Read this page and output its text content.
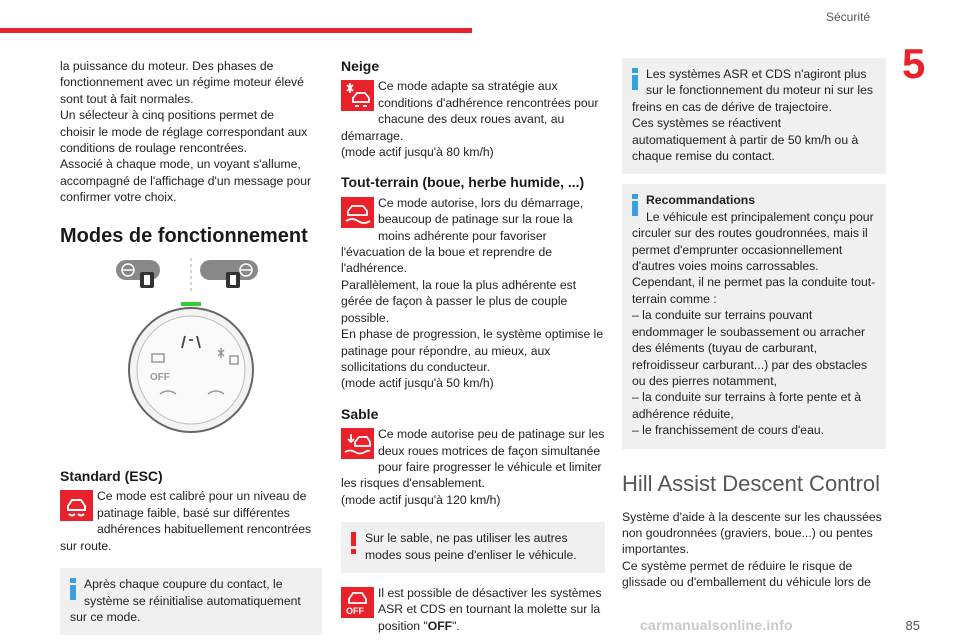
Sécurité
5

la puissance du moteur. Des phases de
fonctionnement avec un régime moteur élevé
sont tout à fait normales.
Un sélecteur à cinq positions permet de
choisir le mode de réglage correspondant aux
conditions de roulage rencontrées.
Associé à chaque mode, un voyant s'allume,
accompagné de l'affichage d'un message pour
confirmer votre choix.

Modes de fonctionnement
OFF
Standard (ESC)

Ce mode est calibré pour un niveau de patinage faible, basé sur différentes adhérences habituellement rencontrées sur route.

Après chaque coupure du contact, le système se réinitialise automatiquement sur ce mode.

Neige

Ce mode adapte sa stratégie aux conditions d'adhérence rencontrées pour chacune des deux roues avant, au démarrage.

(mode actif jusqu'à 80 km/h)

Tout-terrain (boue, herbe humide, ...)

Ce mode autorise, lors du démarrage, beaucoup de patinage sur la roue la moins adhérente pour favoriser l'évacuation de la boue et reprendre de l'adhérence.

Parallèlement, la roue la plus adhérente est gérée de façon à passer le plus de couple possible.

En phase de progression, le système optimise le patinage pour répondre, au mieux, aux sollicitations du conducteur.

(mode actif jusqu'à 50 km/h)

Sable

Ce mode autorise peu de patinage sur les deux roues motrices de façon simultanée pour faire progresser le véhicule et limiter les risques d'ensablement.

(mode actif jusqu'à 120 km/h)

Sur le sable, ne pas utiliser les autres modes sous peine d'enliser le véhicule.

OFF

Il est possible de désactiver les systèmes ASR et CDS en tournant la molette sur la position "OFF".

Les systèmes ASR et CDS n'agiront plus sur le fonctionnement du moteur ni sur les freins en cas de dérive de trajectoire.

Ces systèmes se réactivent automatiquement à partir de 50 km/h ou à chaque remise du contact.

Recommandations

Le véhicule est principalement conçu pour circuler sur des routes goudronnées, mais il permet d'emprunter occasionnellement d'autres voies moins carrossables.

Cependant, il ne permet pas la conduite tout-terrain comme :

– la conduite sur terrains pouvant endommager le soubassement ou arracher des éléments (tuyau de carburant, refroidisseur carburant...) par des obstacles ou des pierres notamment,

– la conduite sur terrains à forte pente et à adhérence réduite,

– le franchissement de cours d'eau.

Hill Assist Descent Control

Système d'aide à la descente sur les chaussées non goudronnées (graviers, boue...) ou pentes importantes.

Ce système permet de réduire le risque de glissade ou d'emballement du véhicule lors de

carmanualsonline.info	85
